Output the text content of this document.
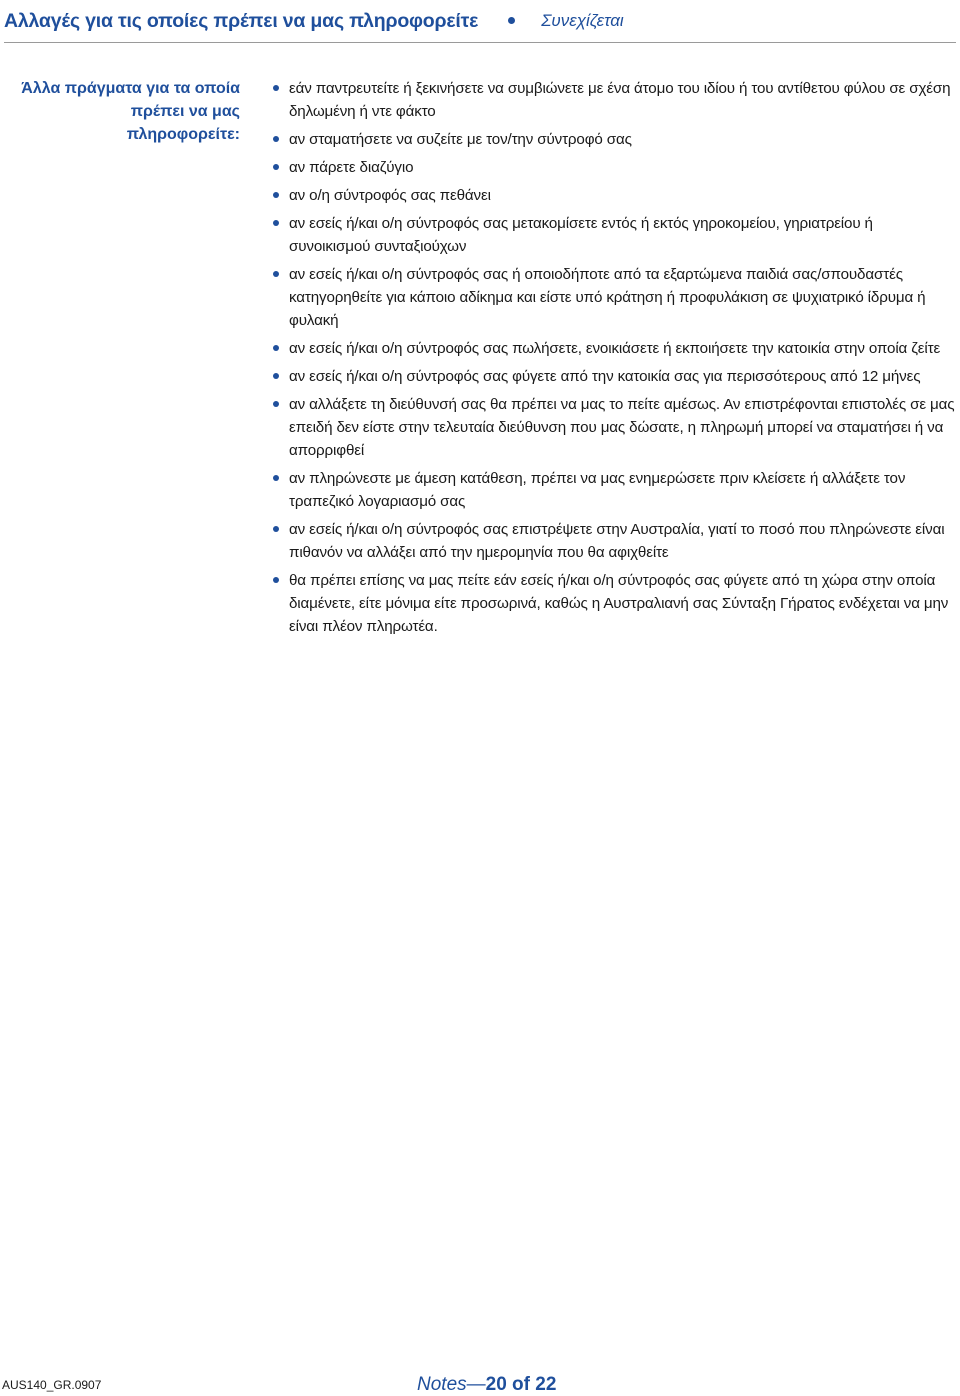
Αλλαγές για τις οποίες πρέπει να μας πληροφορείτε	Συνεχίζεται
Άλλα πράγματα για τα οποία πρέπει να μας πληροφορείτε:
εάν παντρευτείτε ή ξεκινήσετε να συμβιώνετε με ένα άτομο του ιδίου ή του αντίθετου φύλου σε σχέση δηλωμένη ή ντε φάκτο
αν σταματήσετε να συζείτε με τον/την σύντροφό σας
αν πάρετε διαζύγιο
αν ο/η σύντροφός σας πεθάνει
αν εσείς ή/και ο/η σύντροφός σας μετακομίσετε εντός ή εκτός γηροκομείου, γηριατρείου ή συνοικισμού συνταξιούχων
αν εσείς ή/και ο/η σύντροφός σας ή οποιοδήποτε από τα εξαρτώμενα παιδιά σας/σπουδαστές κατηγορηθείτε για κάποιο αδίκημα και είστε υπό κράτηση ή προφυλάκιση σε ψυχιατρικό ίδρυμα ή φυλακή
αν εσείς ή/και ο/η σύντροφός σας πωλήσετε, ενοικιάσετε ή εκποιήσετε την κατοικία στην οποία ζείτε
αν εσείς ή/και ο/η σύντροφός σας φύγετε από την κατοικία σας για περισσότερους από 12 μήνες
αν αλλάξετε τη διεύθυνσή σας θα πρέπει να μας το πείτε αμέσως. Αν επιστρέφονται επιστολές σε μας επειδή δεν είστε στην τελευταία διεύθυνση που μας δώσατε, η πληρωμή μπορεί να σταματήσει ή να απορριφθεί
αν πληρώνεστε με άμεση κατάθεση, πρέπει να μας ενημερώσετε πριν κλείσετε ή αλλάξετε τον τραπεζικό λογαριασμό σας
αν εσείς ή/και ο/η σύντροφός σας επιστρέψετε στην Αυστραλία, γιατί το ποσό που πληρώνεστε είναι πιθανόν να αλλάξει από την ημερομηνία που θα αφιχθείτε
θα πρέπει επίσης να μας πείτε εάν εσείς ή/και ο/η σύντροφός σας φύγετε από τη χώρα στην οποία διαμένετε, είτε μόνιμα είτε προσωρινά, καθώς η Αυστραλιανή σας Σύνταξη Γήρατος ενδέχεται να μην είναι πλέον πληρωτέα.
AUS140_GR.0907	Notes—20 of 22
